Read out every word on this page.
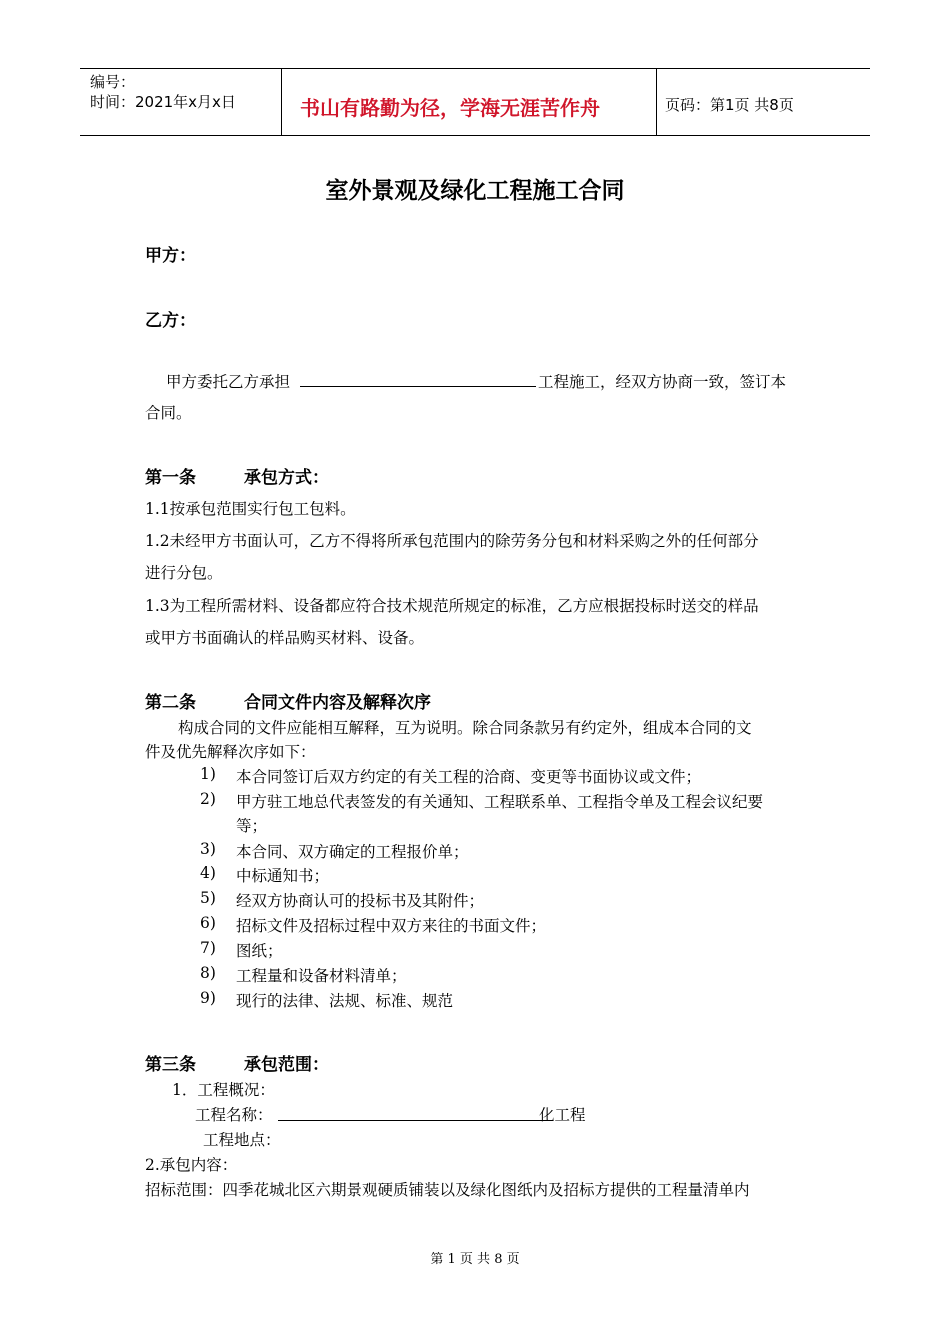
编号：
时间：2021年x月x日	书山有路勤为径，学海无涯苦作舟	页码：第1页 共8页
室外景观及绿化工程施工合同
甲方：
乙方：
甲方委托乙方承担	工程施工，经双方协商一致，签订本
合同。
第一条	承包方式：
1.1按承包范围实行包工包料。
1.2未经甲方书面认可，乙方不得将所承包范围内的除劳务分包和材料采购之外的任何部分
进行分包。
1.3为工程所需材料、设备都应符合技术规范所规定的标准，乙方应根据投标时送交的样品
或甲方书面确认的样品购买材料、设备。
第二条	合同文件内容及解释次序
构成合同的文件应能相互解释，互为说明。除合同条款另有约定外，组成本合同的文
件及优先解释次序如下：
1) 本合同签订后双方约定的有关工程的洽商、变更等书面协议或文件；
2) 甲方驻工地总代表签发的有关通知、工程联系单、工程指令单及工程会议纪要
等；
3) 本合同、双方确定的工程报价单；
4) 中标通知书；
5) 经双方协商认可的投标书及其附件；
6) 招标文件及招标过程中双方来往的书面文件；
7) 图纸；
8) 工程量和设备材料清单；
9) 现行的法律、法规、标准、规范
第三条	承包范围：
1．工程概况：
工程名称：	化工程
工程地点：
2.承包内容：
招标范围：四季花城北区六期景观硬质铺装以及绿化图纸内及招标方提供的工程量清单内
第 1 页 共 8 页
